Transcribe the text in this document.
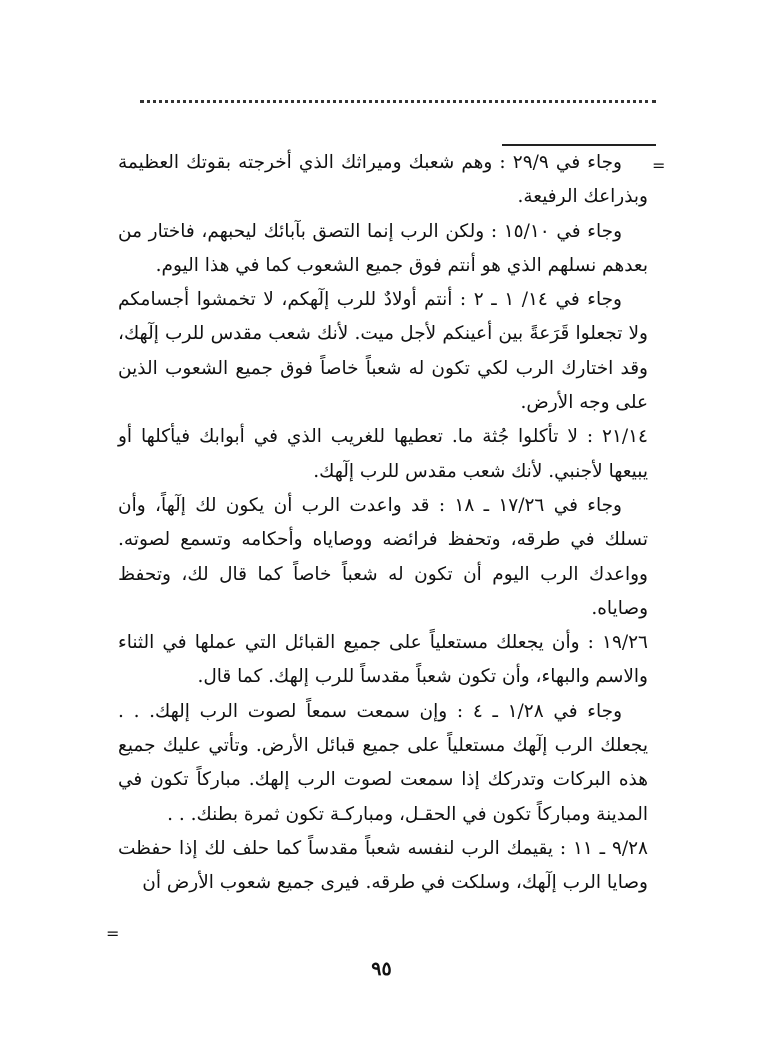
=

وجاء في ٢٩/٩ : وهم شعبك وميراثك الذي أخرجته بقوتك العظيمة وبذراعك الرفيعة.

وجاء في ١٥/١٠ : ولكن الرب إنما التصق بآبائك ليحبهم، فاختار من بعدهم نسلهم الذي هو أنتم فوق جميع الشعوب كما في هذا اليوم.

وجاء في ١٤/ ١ ـ ٢ : أنتم أولادٌ للرب إلٓهكم، لا تخمشوا أجسامكم ولا تجعلوا قَرَعةً بين أعينكم لأجل ميت. لأنك شعب مقدس للرب إلٓهك، وقد اختارك الرب لكي تكون له شعباً خاصاً فوق جميع الشعوب الذين على وجه الأرض.

٢١/١٤ : لا تأكلوا جُثة ما. تعطيها للغريب الذي في أبوابك فيأكلها أو يبيعها لأجنبي. لأنك شعب مقدس للرب إلٓهك.

وجاء في ١٧/٢٦ ـ ١٨ : قد واعدت الرب أن يكون لك إلٓهاً، وأن تسلك في طرقه، وتحفظ فرائضه ووصاياه وأحكامه وتسمع لصوته. وواعدك الرب اليوم أن تكون له شعباً خاصاً كما قال لك، وتحفظ وصاياه.

١٩/٢٦ : وأن يجعلك مستعلياً على جميع القبائل التي عملها في الثناء والاسم والبهاء، وأن تكون شعباً مقدساً للرب إلهك. كما قال.

وجاء في ١/٢٨ ـ ٤ : وإن سمعت سمعاً لصوت الرب إلهك. . . يجعلك الرب إلٓهك مستعلياً على جميع قبائل الأرض. وتأتي عليك جميع هذه البركات وتدركك إذا سمعت لصوت الرب إلهك. مباركاً تكون في المدينة ومباركاً تكون في الحقـل، ومباركـة تكون ثمرة بطنك. . .

٩/٢٨ ـ ١١ : يقيمك الرب لنفسه شعباً مقدساً كما حلف لك إذا حفظت وصايا الرب إلٓهك، وسلكت في طرقه. فيرى جميع شعوب الأرض أن

=
٩٥
